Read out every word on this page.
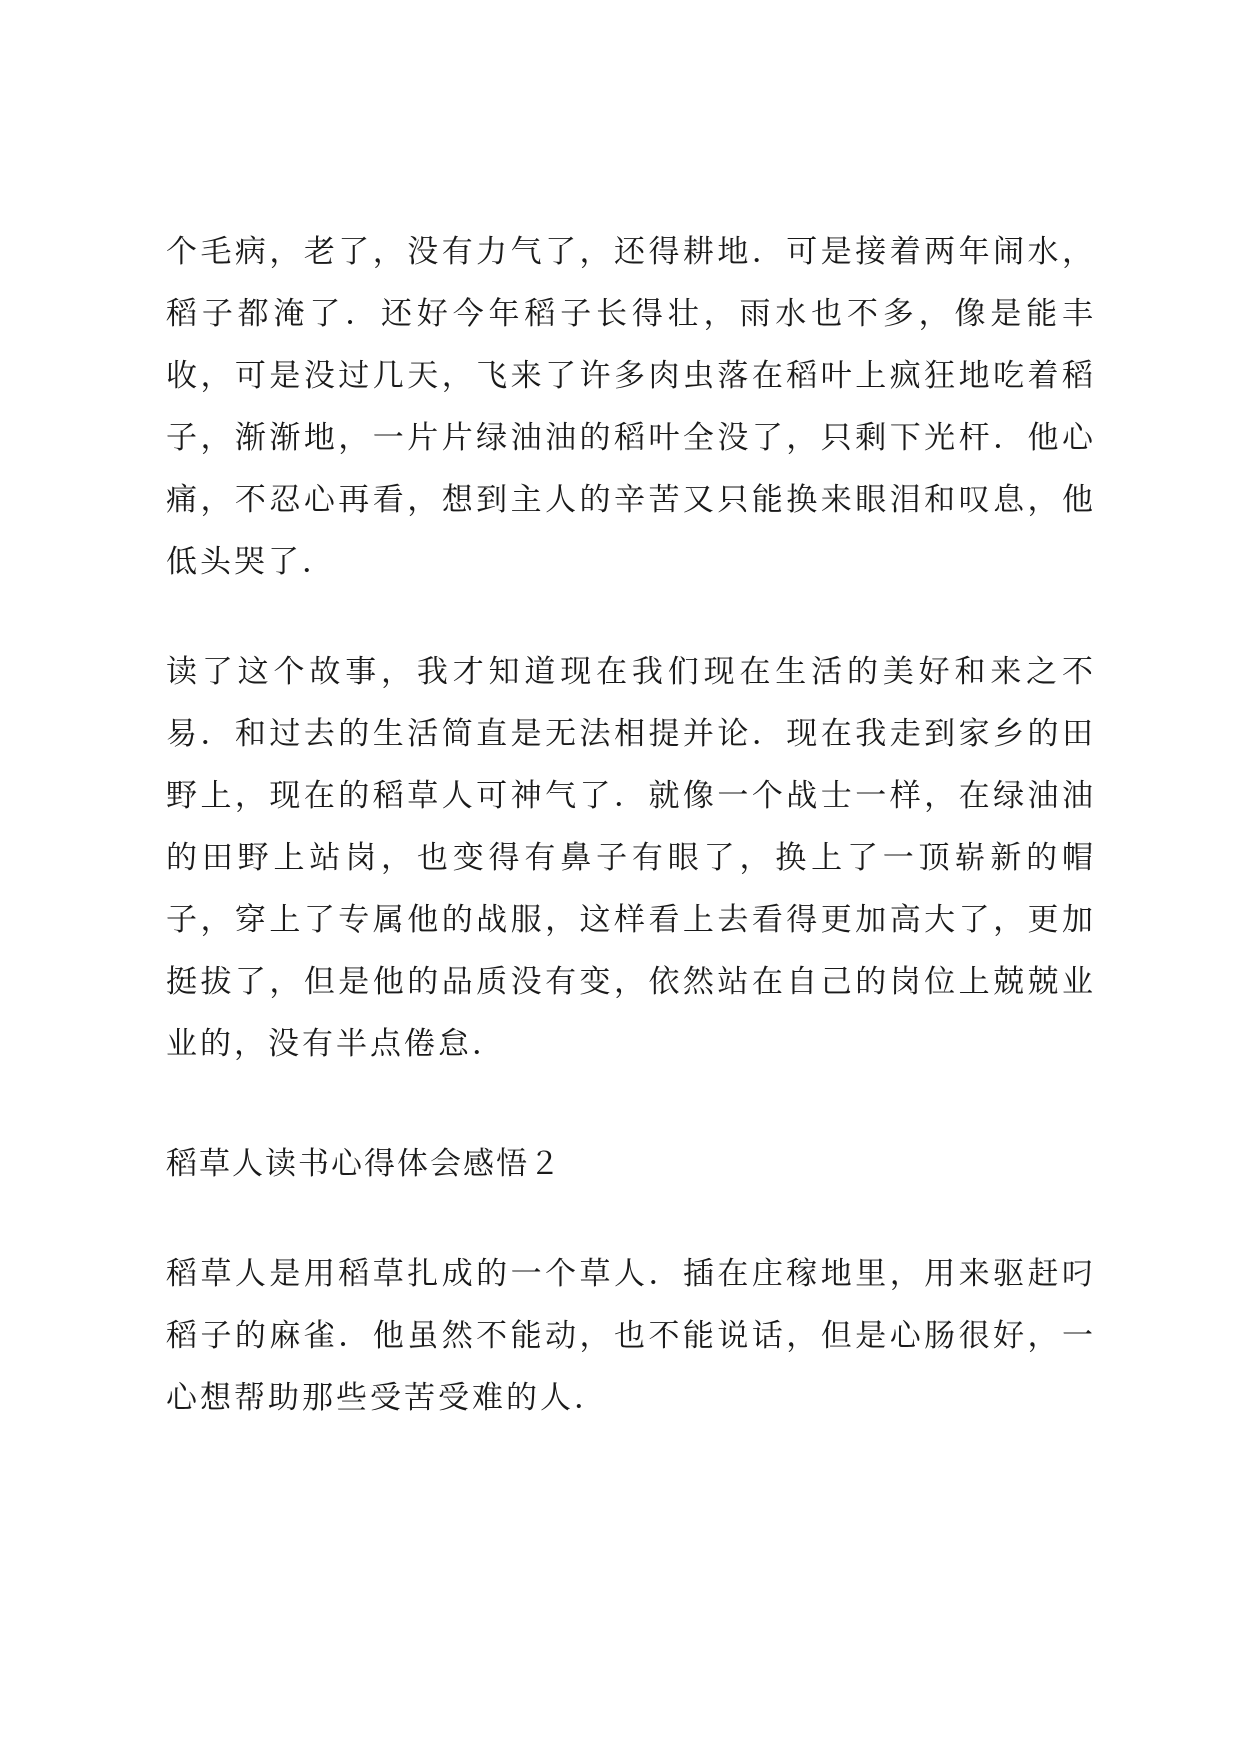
个毛病，老了，没有力气了，还得耕地．可是接着两年闹水，稻子都淹了．还好今年稻子长得壮，雨水也不多，像是能丰收，可是没过几天，飞来了许多肉虫落在稻叶上疯狂地吃着稻子，渐渐地，一片片绿油油的稻叶全没了，只剩下光杆．他心痛，不忍心再看，想到主人的辛苦又只能换来眼泪和叹息，他低头哭了．

读了这个故事，我才知道现在我们现在生活的美好和来之不易．和过去的生活简直是无法相提并论．现在我走到家乡的田野上，现在的稻草人可神气了．就像一个战士一样，在绿油油的田野上站岗，也变得有鼻子有眼了，换上了一顶崭新的帽子，穿上了专属他的战服，这样看上去看得更加高大了，更加挺拔了，但是他的品质没有变，依然站在自己的岗位上兢兢业业的，没有半点倦怠．

稻草人读书心得体会感悟２

稻草人是用稻草扎成的一个草人．插在庄稼地里，用来驱赶叼稻子的麻雀．他虽然不能动，也不能说话，但是心肠很好，一心想帮助那些受苦受难的人．
